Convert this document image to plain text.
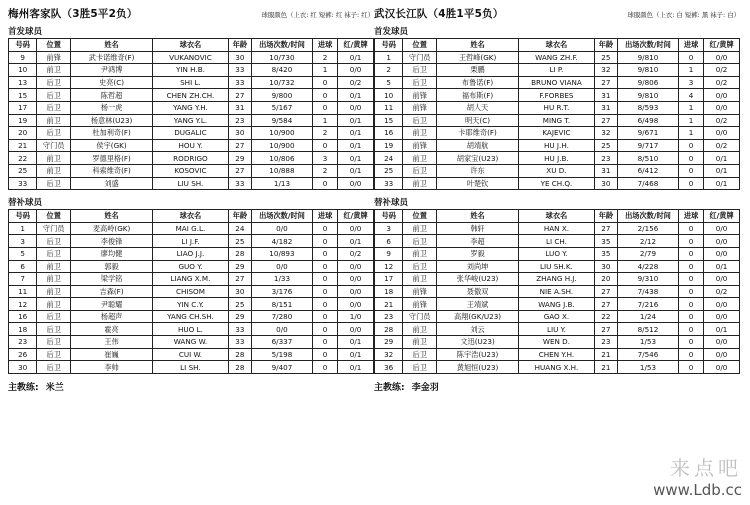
梅州客家队（3胜5平2负）	球服颜色（上衣: 红 短裤: 红 袜子: 红）
首发球员
号码	位置	姓名	球衣名	年龄	出场次数/时间	进球	红/黄牌
9	前锋	武卡诺维奇(F)	VUKANOVIC	30	10/730	2	0/1
10	前卫	尹鸿博	YIN H.B.	33	8/420	1	0/0
13	后卫	史亮(C)	SHI L.	33	10/732	0	0/2
15	后卫	陈哲超	CHEN ZH.CH.	27	9/800	0	0/1
17	后卫	杨一虎	YANG Y.H.	31	5/167	0	0/0
19	前卫	杨意林(U23)	YANG Y.L.	23	9/584	1	0/1
20	后卫	杜加利奇(F)	DUGALIC	30	10/900	2	0/1
21	守门员	侯宇(GK)	HOU Y.	27	10/900	0	0/1
22	前卫	罗德里格(F)	RODRIGO	29	10/806	3	0/1
25	前卫	科索维奇(F)	KOSOVIC	27	10/888	2	0/1
33	后卫	刘盛	LIU SH.	33	1/13	0	0/0
替补球员
号码	位置	姓名	球衣名	年龄	出场次数/时间	进球	红/黄牌
1	守门员	麦高岭(GK)	MAI G.L.	24	0/0	0	0/0
3	后卫	李俊锋	LI J.F.	25	4/182	0	0/1
5	后卫	廖均健	LIAO J.J.	28	10/893	0	0/2
6	前卫	郭毅	GUO Y.	29	0/0	0	0/0
7	前卫	梁学铭	LIANG X.M.	27	1/33	0	0/0
11	前卫	吉森(F)	CHISOM	30	3/176	0	0/0
12	前卫	尹聪耀	YIN C.Y.	25	8/151	0	0/0
16	后卫	杨超声	YANG CH.SH.	29	7/280	0	1/0
18	后卫	霍亮	HUO L.	33	0/0	0	0/0
23	后卫	王伟	WANG W.	33	6/337	0	0/1
26	后卫	崔巍	CUI W.	28	5/198	0	0/1
30	后卫	李帅	LI SH.	28	9/407	0	0/1
主教练: 米兰
武汉长江队（4胜1平5负）	球服颜色（上衣: 白 短裤: 黑 袜子: 白）
首发球员
号码	位置	姓名	球衣名	年龄	出场次数/时间	进球	红/黄牌
1	守门员	王哲峰(GK)	WANG ZH.F.	25	9/810	0	0/0
2	后卫	栗鹏	LI P.	32	9/810	1	0/2
5	后卫	布鲁诺(F)	BRUNO VIANA	27	9/806	3	0/2
10	前锋	福布斯(F)	F.FORBES	31	9/810	4	0/0
11	前锋	胡人天	HU R.T.	31	8/593	1	0/0
15	后卫	明天(C)	MING T.	27	6/498	1	0/2
16	前卫	卡耶维奇(F)	KAJEVIC	32	9/671	1	0/0
19	前锋	胡靖航	HU J.H.	25	9/717	0	0/2
24	前卫	胡家宝(U23)	HU J.B.	23	8/510	0	0/1
25	后卫	许东	XU D.	31	6/412	0	0/1
33	前卫	叶楚钦	YE CH.Q.	30	7/468	0	0/1
替补球员
号码	位置	姓名	球衣名	年龄	出场次数/时间	进球	红/黄牌
3	前卫	韩轩	HAN X.	27	2/156	0	0/0
6	后卫	李超	LI CH.	35	2/12	0	0/0
9	前卫	罗毅	LUO Y.	35	2/79	0	0/0
12	后卫	刘尚坤	LIU SH.K.	30	4/228	0	0/1
17	前卫	张华峻(U23)	ZHANG H.J.	20	9/310	0	0/0
18	前锋	聂傲双	NIE A.SH.	27	7/438	0	0/2
21	前锋	王靖斌	WANG J.B.	27	7/216	0	0/0
23	守门员	高翔(GK/U23)	GAO X.	22	1/24	0	0/0
28	前卫	刘云	LIU Y.	27	8/512	0	0/1
29	前卫	文迅(U23)	WEN D.	23	1/53	0	0/0
32	后卫	陈宇浩(U23)	CHEN Y.H.	21	7/546	0	0/0
36	后卫	黄旭恒(U23)	HUANG X.H.	21	1/53	0	0/0
主教练: 李金羽
来点吧
www.Ldb.cc
